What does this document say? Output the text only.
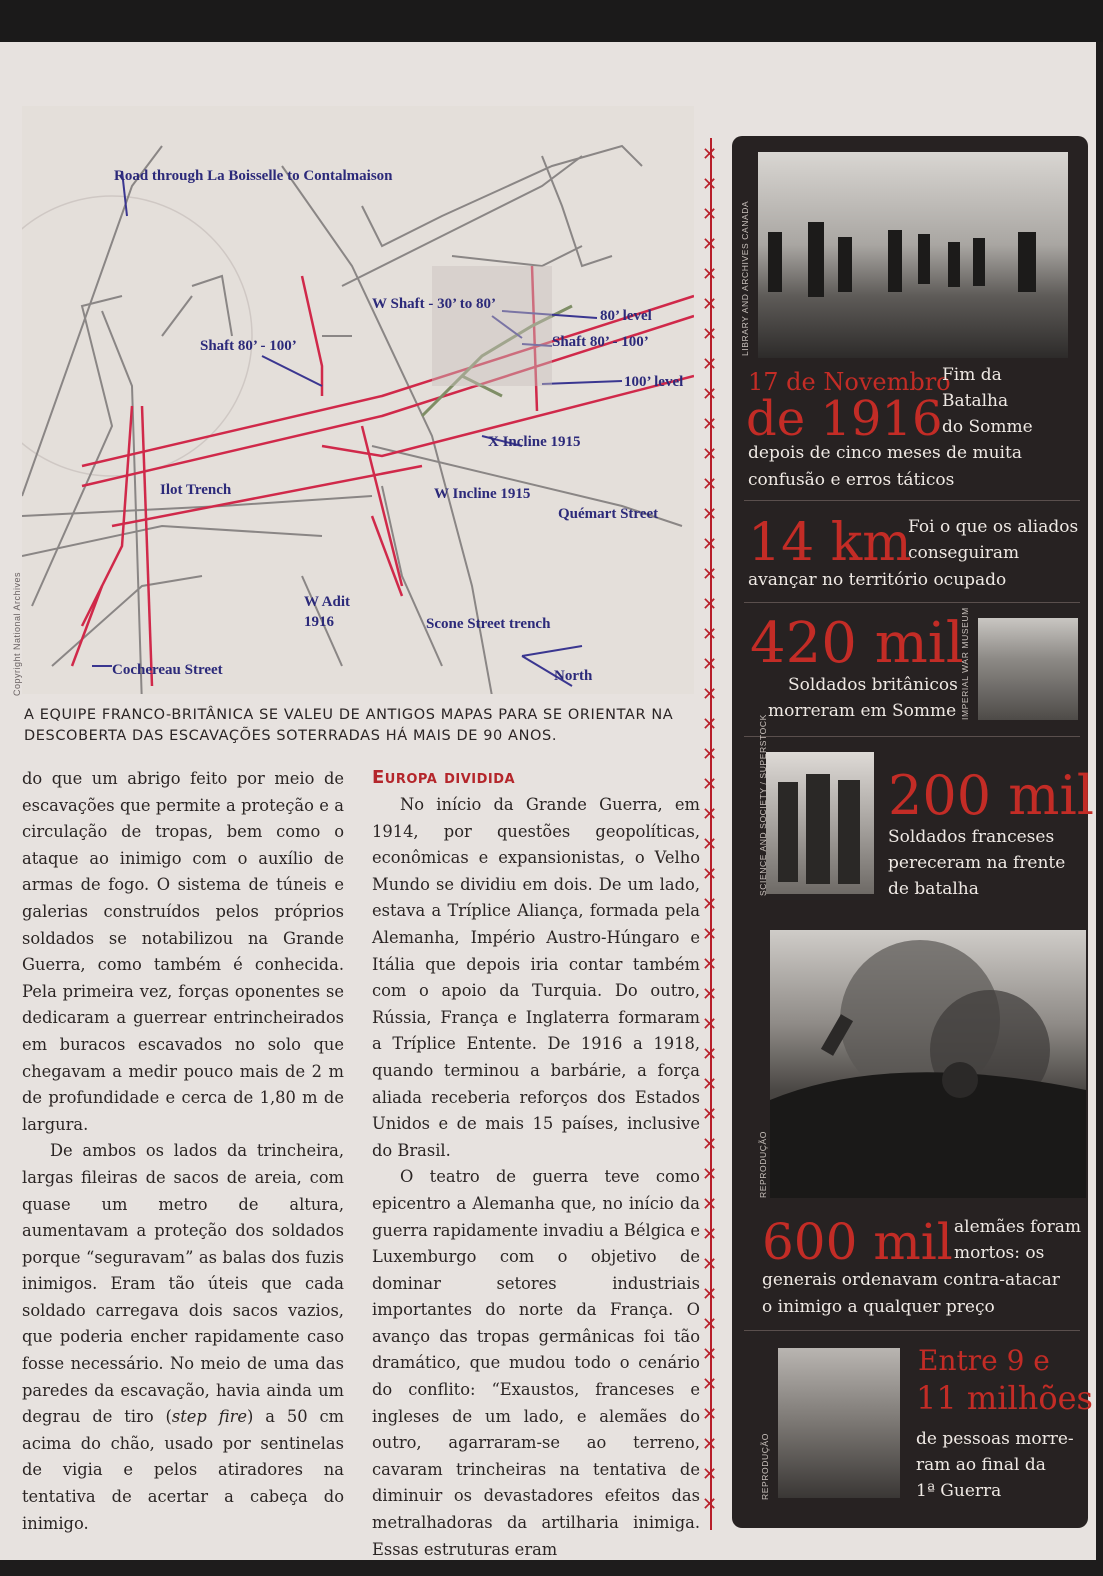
Road through La Boisselle to Contalmaison
W Shaft - 30’ to 80’
80’ level
Shaft 80’ - 100’	Shaft 80’ - 100’
100’ level
X Incline 1915
Ilot Trench	W Incline 1915
Quémart Street
W Adit
1916	Scone Street trench
North
Cochereau Street
Copyright National Archives
A EQUIPE FRANCO-BRITÂNICA SE VALEU DE ANTIGOS MAPAS PARA SE ORIENTAR NA DESCOBERTA DAS ESCAVAÇÕES SOTERRADAS HÁ MAIS DE 90 ANOS.

do que um abrigo feito por meio de escavações que permite a proteção e a circulação de tropas, bem como o ataque ao inimigo com o auxílio de armas de fogo. O sistema de túneis e galerias construídos pelos próprios soldados se notabilizou na Grande Guerra, como também é conhecida. Pela primeira vez, forças oponentes se dedicaram a guerrear entrincheirados em buracos escavados no solo que chegavam a medir pouco mais de 2 m de profundidade e cerca de 1,80 m de largura.

De ambos os lados da trincheira, largas fileiras de sacos de areia, com quase um metro de altura, aumentavam a proteção dos soldados porque “seguravam” as balas dos fuzis inimigos. Eram tão úteis que cada soldado carregava dois sacos vazios, que poderia encher rapidamente caso fosse necessário. No meio de uma das paredes da escavação, havia ainda um degrau de tiro (step fire) a 50 cm acima do chão, usado por sentinelas de vigia e pelos atiradores na tentativa de acertar a cabeça do inimigo.

Europa dividida

No início da Grande Guerra, em 1914, por questões geopolíticas, econômicas e expansionistas, o Velho Mundo se dividiu em dois. De um lado, estava a Tríplice Aliança, formada pela Alemanha, Império Austro-Húngaro e Itália que depois iria contar também com o apoio da Turquia. Do outro, Rússia, França e Inglaterra formaram a Tríplice Entente. De 1916 a 1918, quando terminou a barbárie, a força aliada receberia reforços dos Estados Unidos e de mais 15 países, inclusive do Brasil.

O teatro de guerra teve como epicentro a Alemanha que, no início da guerra rapidamente invadiu a Bélgica e Luxemburgo com o objetivo de dominar setores industriais importantes do norte da França. O avanço das tropas germânicas foi tão dramático, que mudou todo o cenário do conflito: “Exaustos, franceses e ingleses de um lado, e alemães do outro, agarraram-se ao terreno, cavaram trincheiras na tentativa de diminuir os devastadores efeitos das metralhadoras da artilharia inimiga. Essas estruturas eram

✕
✕
✕
✕
✕
✕
✕
✕
✕
✕
✕
✕
✕
✕
✕
✕
✕
✕
✕
✕
✕
✕
✕
✕
✕
✕
✕
✕
✕
✕
✕
✕
✕
✕
✕
✕
✕
✕
✕
✕
✕
✕
✕
✕
✕
✕
LIBRARY AND ARCHIVES CANADA
17 de Novembro
de 1916
Fim da
Batalha
do Somme
depois de cinco meses de muita
confusão e erros táticos
14 km
Foi o que os aliados
conseguiram
avançar no território ocupado
420 mil
Soldados britânicos
morreram em Somme IMPERIAL WAR MUSEUM
SCIENCE AND SOCIETY / SUPERSTOCK 200 mil
Soldados franceses
pereceram na frente
de batalha
REPRODUÇÃO
600 mil alemães foram
mortos: os
generais ordenavam contra-atacar
o inimigo a qualquer preço
REPRODUÇÃO
Entre 9 e
11 milhões
de pessoas morre-
ram ao final da
1ª Guerra
